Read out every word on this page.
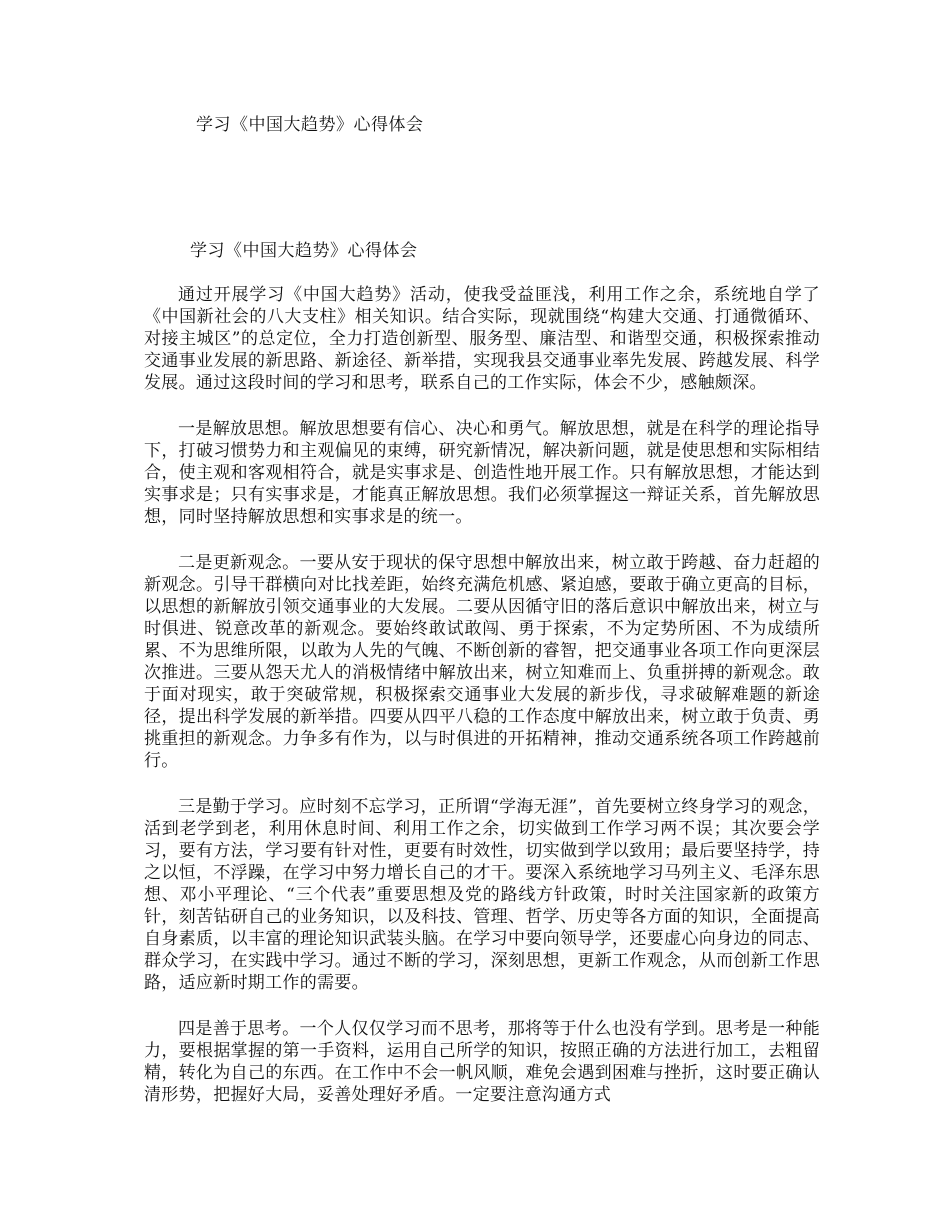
学习《中国大趋势》心得体会
学习《中国大趋势》心得体会

通过开展学习《中国大趋势》活动，使我受益匪浅，利用工作之余，系统地自学了《中国新社会的八大支柱》相关知识。结合实际，现就围绕“构建大交通、打通微循环、对接主城区”的总定位，全力打造创新型、服务型、廉洁型、和谐型交通，积极探索推动交通事业发展的新思路、新途径、新举措，实现我县交通事业率先发展、跨越发展、科学发展。通过这段时间的学习和思考，联系自己的工作实际，体会不少，感触颇深。

一是解放思想。解放思想要有信心、决心和勇气。解放思想，就是在科学的理论指导下，打破习惯势力和主观偏见的束缚，研究新情况，解决新问题，就是使思想和实际相结合，使主观和客观相符合，就是实事求是、创造性地开展工作。只有解放思想，才能达到实事求是；只有实事求是，才能真正解放思想。我们必须掌握这一辩证关系，首先解放思想，同时坚持解放思想和实事求是的统一。

二是更新观念。一要从安于现状的保守思想中解放出来，树立敢于跨越、奋力赶超的新观念。引导干群横向对比找差距，始终充满危机感、紧迫感，要敢于确立更高的目标，以思想的新解放引领交通事业的大发展。二要从因循守旧的落后意识中解放出来，树立与时俱进、锐意改革的新观念。要始终敢试敢闯、勇于探索，不为定势所困、不为成绩所累、不为思维所限，以敢为人先的气魄、不断创新的睿智，把交通事业各项工作向更深层次推进。三要从怨天尤人的消极情绪中解放出来，树立知难而上、负重拼搏的新观念。敢于面对现实，敢于突破常规，积极探索交通事业大发展的新步伐，寻求破解难题的新途径，提出科学发展的新举措。四要从四平八稳的工作态度中解放出来，树立敢于负责、勇挑重担的新观念。力争多有作为，以与时俱进的开拓精神，推动交通系统各项工作跨越前行。

三是勤于学习。应时刻不忘学习，正所谓“学海无涯”，首先要树立终身学习的观念，活到老学到老，利用休息时间、利用工作之余，切实做到工作学习两不误；其次要会学习，要有方法，学习要有针对性，更要有时效性，切实做到学以致用；最后要坚持学，持之以恒，不浮躁，在学习中努力增长自己的才干。要深入系统地学习马列主义、毛泽东思想、邓小平理论、“三个代表”重要思想及党的路线方针政策，时时关注国家新的政策方针，刻苦钻研自己的业务知识，以及科技、管理、哲学、历史等各方面的知识，全面提高自身素质，以丰富的理论知识武装头脑。在学习中要向领导学，还要虚心向身边的同志、群众学习，在实践中学习。通过不断的学习，深刻思想，更新工作观念，从而创新工作思路，适应新时期工作的需要。

四是善于思考。一个人仅仅学习而不思考，那将等于什么也没有学到。思考是一种能力，要根据掌握的第一手资料，运用自己所学的知识，按照正确的方法进行加工，去粗留精，转化为自己的东西。在工作中不会一帆风顺，难免会遇到困难与挫折，这时要正确认清形势，把握好大局，妥善处理好矛盾。一定要注意沟通方式
